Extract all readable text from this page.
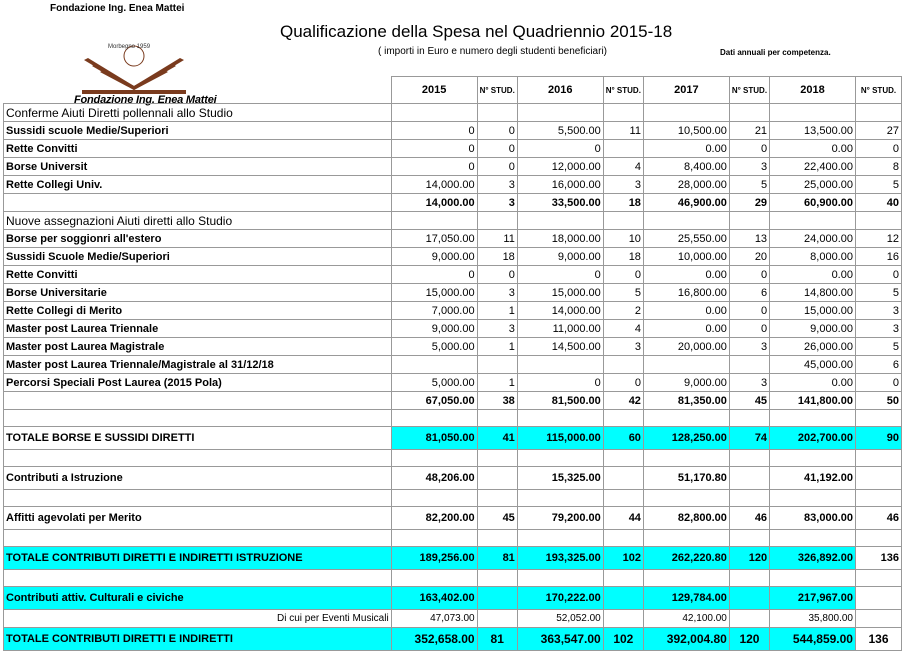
Fondazione Ing. Enea Mattei
Qualificazione della Spesa nel Quadriennio 2015-18
( importi in Euro e numero degli studenti beneficiari)	Dati annuali per competenza.
Morbegno 1959
Fondazione Ing. Enea Mattei
		2015	N° STUD.	2016	N° STUD.	2017	N° STUD.	2018	N° STUD.
Conferme Aiuti Diretti pollennali allo Studio									
Sussidi scuole Medie/Superiori		0	0	5,500.00	11	10,500.00	21	13,500.00	27
Rette Convitti		0	0	0		0.00	0	0.00	0
Borse Universit		0	0	12,000.00	4	8,400.00	3	22,400.00	8
Rette Collegi Univ.		14,000.00	3	16,000.00	3	28,000.00	5	25,000.00	5
		14,000.00	3	33,500.00	18	46,900.00	29	60,900.00	40
Nuove assegnazioni Aiuti diretti allo Studio									
Borse per soggionri all'estero		17,050.00	11	18,000.00	10	25,550.00	13	24,000.00	12
Sussidi Scuole Medie/Superiori		9,000.00	18	9,000.00	18	10,000.00	20	8,000.00	16
Rette Convitti		0	0	0	0	0.00	0	0.00	0
Borse Universitarie		15,000.00	3	15,000.00	5	16,800.00	6	14,800.00	5
Rette Collegi di Merito		7,000.00	1	14,000.00	2	0.00	0	15,000.00	3
Master post Laurea Triennale		9,000.00	3	11,000.00	4	0.00	0	9,000.00	3
Master post Laurea Magistrale		5,000.00	1	14,500.00	3	20,000.00	3	26,000.00	5
Master post Laurea Triennale/Magistrale al 31/12/18								45,000.00	6
Percorsi Speciali Post Laurea (2015 Pola)		5,000.00	1	0	0	9,000.00	3	0.00	0
		67,050.00	38	81,500.00	42	81,350.00	45	141,800.00	50

TOTALE BORSE E SUSSIDI DIRETTI		81,050.00	41	115,000.00	60	128,250.00	74	202,700.00	90

Contributi a Istruzione		48,206.00		15,325.00		51,170.80		41,192.00	

Affitti agevolati per Merito		82,200.00	45	79,200.00	44	82,800.00	46	83,000.00	46

TOTALE CONTRIBUTI DIRETTI E INDIRETTI ISTRUZIONE		189,256.00	81	193,325.00	102	262,220.80	120	326,892.00	136

Contributi attiv. Culturali e civiche		163,402.00		170,222.00		129,784.00		217,967.00	
Di cui per Eventi Musicali		47,073.00		52,052.00		42,100.00		35,800.00	
TOTALE CONTRIBUTI DIRETTI E INDIRETTI		352,658.00	81	363,547.00	102	392,004.80	120	544,859.00	136
